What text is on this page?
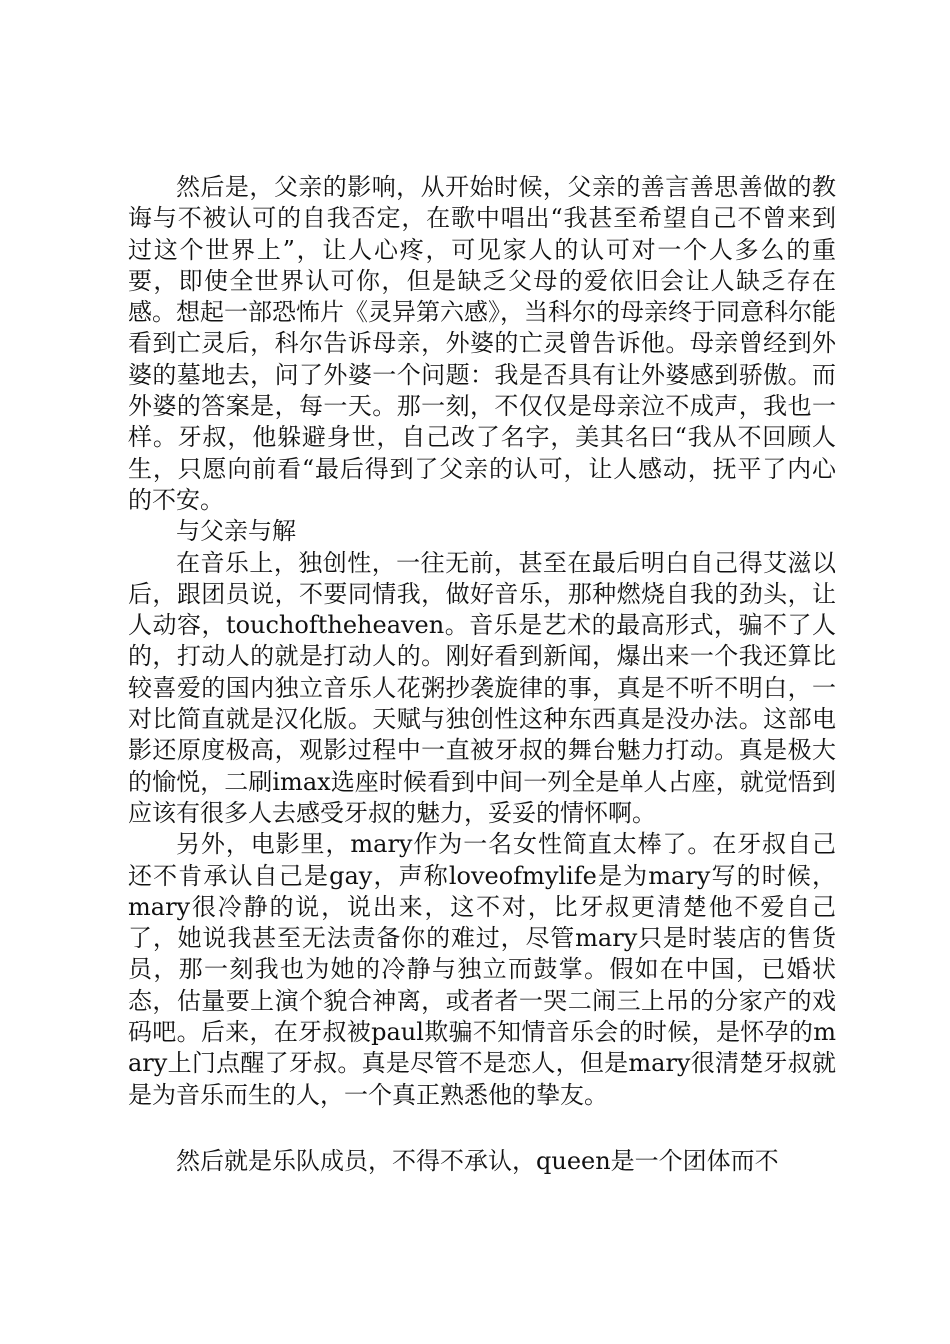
然后是，父亲的影响，从开始时候，父亲的善言善思善做的教诲与不被认可的自我否定，在歌中唱出“我甚至希望自己不曾来到过这个世界上”，让人心疼，可见家人的认可对一个人多么的重要，即使全世界认可你，但是缺乏父母的爱依旧会让人缺乏存在感。想起一部恐怖片《灵异第六感》，当科尔的母亲终于同意科尔能看到亡灵后，科尔告诉母亲，外婆的亡灵曾告诉他。母亲曾经到外婆的墓地去，问了外婆一个问题：我是否具有让外婆感到骄傲。而外婆的答案是，每一天。那一刻，不仅仅是母亲泣不成声，我也一样。牙叔，他躲避身世，自己改了名字，美其名曰“我从不回顾人生，只愿向前看“最后得到了父亲的认可，让人感动，抚平了内心的不安。

与父亲与解

在音乐上，独创性，一往无前，甚至在最后明白自己得艾滋以后，跟团员说，不要同情我，做好音乐，那种燃烧自我的劲头，让人动容，touchoftheheaven。音乐是艺术的最高形式，骗不了人的，打动人的就是打动人的。刚好看到新闻，爆出来一个我还算比较喜爱的国内独立音乐人花粥抄袭旋律的事，真是不听不明白，一对比简直就是汉化版。天赋与独创性这种东西真是没办法。这部电影还原度极高，观影过程中一直被牙叔的舞台魅力打动。真是极大的愉悦，二刷imax选座时候看到中间一列全是单人占座，就觉悟到应该有很多人去感受牙叔的魅力，妥妥的情怀啊。

另外，电影里，mary作为一名女性简直太棒了。在牙叔自己还不肯承认自己是gay，声称loveofmylife是为mary写的时候，mary很冷静的说，说出来，这不对，比牙叔更清楚他不爱自己了，她说我甚至无法责备你的难过，尽管mary只是时装店的售货员，那一刻我也为她的冷静与独立而鼓掌。假如在中国，已婚状态，估量要上演个貌合神离，或者者一哭二闹三上吊的分家产的戏码吧。后来，在牙叔被paul欺骗不知情音乐会的时候，是怀孕的mary上门点醒了牙叔。真是尽管不是恋人，但是mary很清楚牙叔就是为音乐而生的人，一个真正熟悉他的挚友。

然后就是乐队成员，不得不承认，queen是一个团体而不
